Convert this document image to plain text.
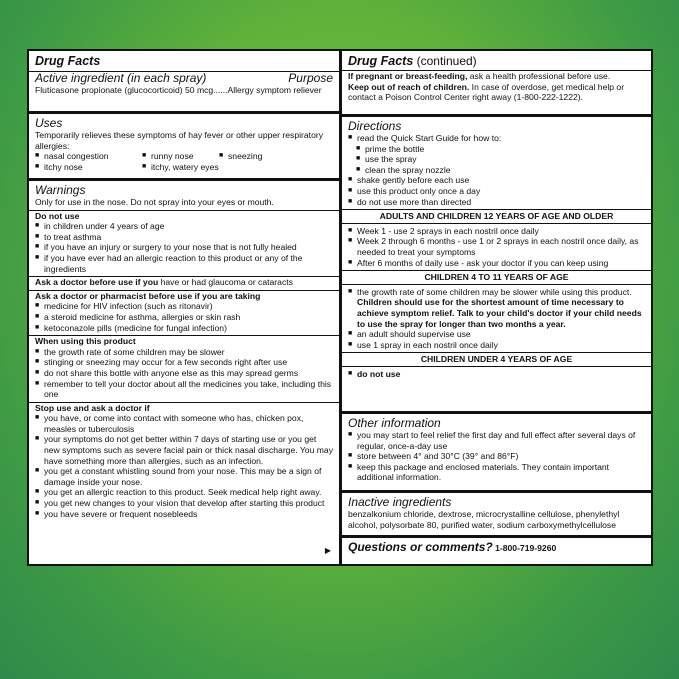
Drug Facts
Active ingredient (in each spray)	Purpose
Fluticasone propionate (glucocorticoid) 50 mcg......Allergy symptom reliever
Uses
Temporarily relieves these symptoms of hay fever or other upper respiratory allergies:
■ nasal congestion	■ runny nose	■ sneezing
■ itchy nose	■ itchy, watery eyes
Warnings
Only for use in the nose. Do not spray into your eyes or mouth.
Do not use
■ in children under 4 years of age
■ to treat asthma
■ if you have an injury or surgery to your nose that is not fully healed
■ if you have ever had an allergic reaction to this product or any of the ingredients
Ask a doctor before use if you have or had glaucoma or cataracts
Ask a doctor or pharmacist before use if you are taking
■ medicine for HIV infection (such as ritonavir)
■ a steroid medicine for asthma, allergies or skin rash
■ ketoconazole pills (medicine for fungal infection)
When using this product
■ the growth rate of some children may be slower
■ stinging or sneezing may occur for a few seconds right after use
■ do not share this bottle with anyone else as this may spread germs
■ remember to tell your doctor about all the medicines you take, including this one
Stop use and ask a doctor if
■ you have, or come into contact with someone who has, chicken pox, measles or tuberculosis
■ your symptoms do not get better within 7 days of starting use or you get new symptoms such as severe facial pain or thick nasal discharge. You may have something more than allergies, such as an infection.
■ you get a constant whistling sound from your nose. This may be a sign of damage inside your nose.
■ you get an allergic reaction to this product. Seek medical help right away.
■ you get new changes to your vision that develop after starting this product
■ you have severe or frequent nosebleeds
▶
Drug Facts (continued)
If pregnant or breast-feeding, ask a health professional before use.
Keep out of reach of children. In case of overdose, get medical help or contact a Poison Control Center right away (1-800-222-1222).
Directions
■ read the Quick Start Guide for how to:
■ prime the bottle
■ use the spray
■ clean the spray nozzle
■ shake gently before each use
■ use this product only once a day
■ do not use more than directed
ADULTS AND CHILDREN 12 YEARS OF AGE AND OLDER
■ Week 1 - use 2 sprays in each nostril once daily
■ Week 2 through 6 months - use 1 or 2 sprays in each nostril once daily, as needed to treat your symptoms
■ After 6 months of daily use - ask your doctor if you can keep using
CHILDREN 4 TO 11 YEARS OF AGE
■ the growth rate of some children may be slower while using this product. Children should use for the shortest amount of time necessary to achieve symptom relief. Talk to your child's doctor if your child needs to use the spray for longer than two months a year.
■ an adult should supervise use
■ use 1 spray in each nostril once daily
CHILDREN UNDER 4 YEARS OF AGE
■ do not use
Other information
■ you may start to feel relief the first day and full effect after several days of regular, once-a-day use
■ store between 4° and 30°C (39° and 86°F)
■ keep this package and enclosed materials. They contain important additional information.
Inactive ingredients
benzalkonium chloride, dextrose, microcrystalline cellulose, phenylethyl alcohol, polysorbate 80, purified water, sodium carboxymethylcellulose
Questions or comments? 1-800-719-9260
